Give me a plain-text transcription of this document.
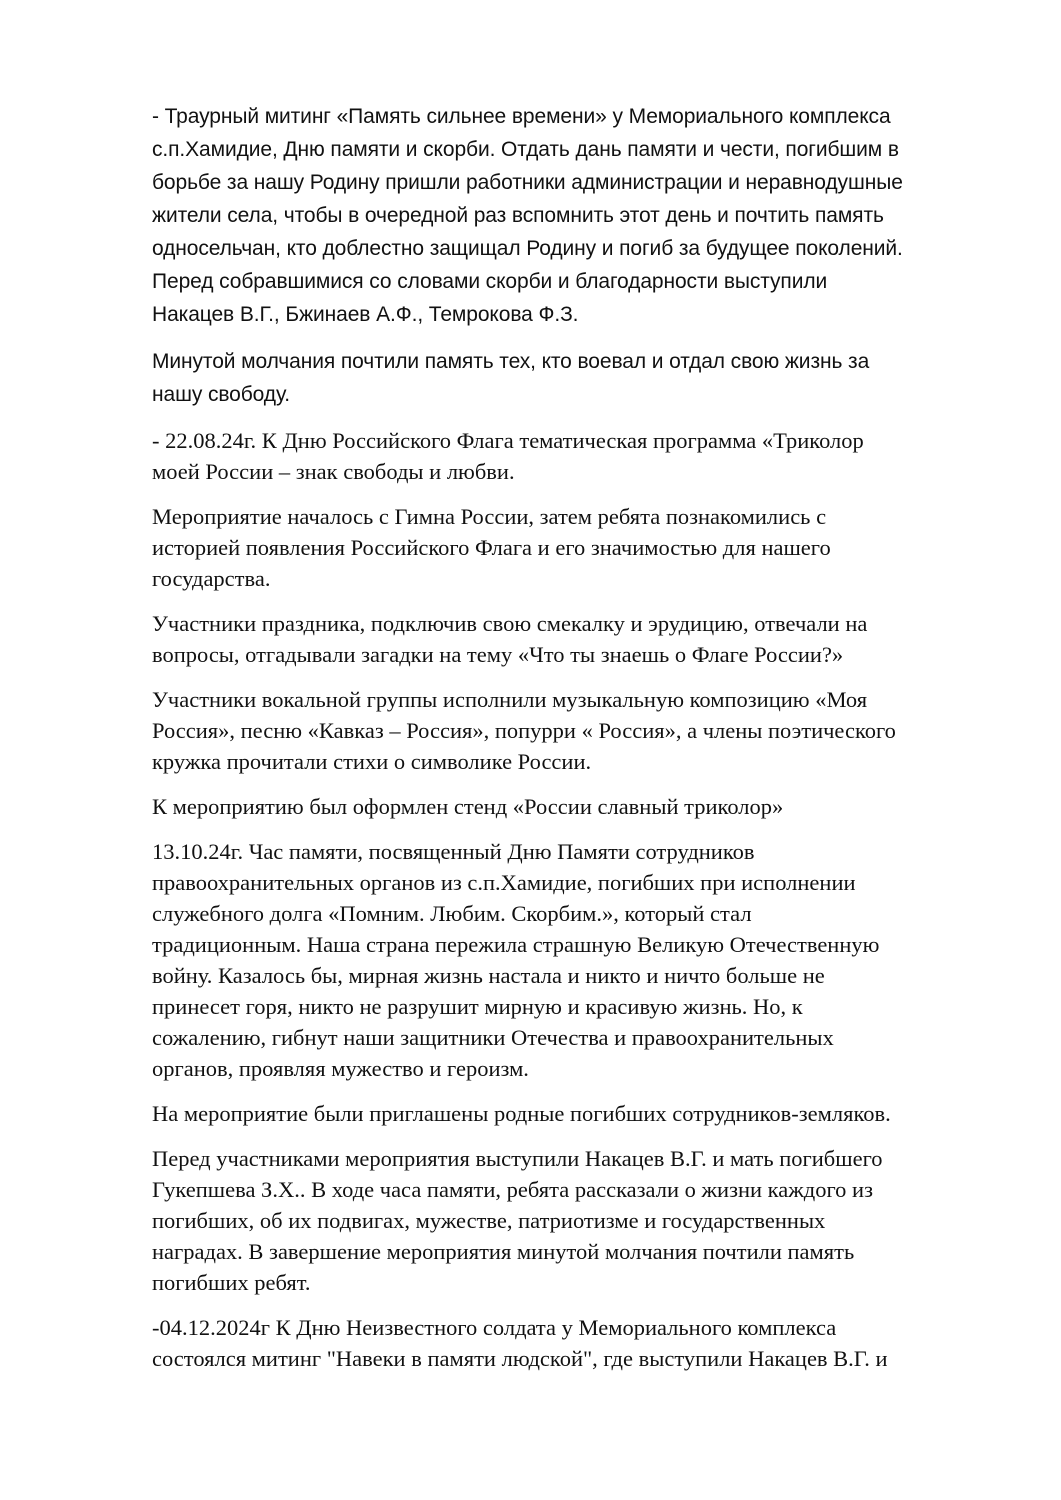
- Траурный митинг «Память сильнее времени» у Мемориального комплекса
с.п.Хамидие, Дню памяти и скорби. Отдать дань памяти и чести, погибшим в
борьбе за нашу Родину пришли работники администрации и неравнодушные
жители села, чтобы в очередной раз вспомнить этот день и почтить память
односельчан, кто доблестно защищал Родину и погиб за будущее поколений.
Перед собравшимися со словами скорби и благодарности выступили
Накацев В.Г., Бжинаев А.Ф., Темрокова Ф.З.

Минутой молчания почтили память тех, кто воевал и отдал свою жизнь за
нашу свободу.

- 22.08.24г. К Дню Российского Флага тематическая программа «Триколор
моей России – знак свободы и любви.

Мероприятие началось с Гимна России, затем ребята познакомились с
историей появления Российского Флага и его значимостью для нашего
государства.

Участники праздника, подключив свою смекалку и эрудицию, отвечали на
вопросы, отгадывали загадки на тему «Что ты знаешь о Флаге России?»

Участники вокальной группы исполнили музыкальную композицию «Моя
Россия», песню «Кавказ – Россия», попурри « Россия», а члены поэтического
кружка прочитали стихи о символике России.

К мероприятию был оформлен стенд «России славный триколор»

13.10.24г. Час памяти, посвященный Дню Памяти сотрудников
правоохранительных органов из с.п.Хамидие, погибших при исполнении
служебного долга «Помним. Любим. Скорбим.», который стал
традиционным. Наша страна пережила страшную Великую Отечественную
войну. Казалось бы, мирная жизнь настала и никто и ничто больше не
принесет горя, никто не разрушит мирную и красивую жизнь. Но, к
сожалению, гибнут наши защитники Отечества и правоохранительных
органов, проявляя мужество и героизм.

На мероприятие были приглашены родные погибших сотрудников-земляков.

Перед участниками мероприятия выступили Накацев В.Г. и мать погибшего
Гукепшева З.Х.. В ходе часа памяти, ребята рассказали о жизни каждого из
погибших, об их подвигах, мужестве, патриотизме и государственных
наградах. В завершение мероприятия минутой молчания почтили память
погибших ребят.

-04.12.2024г К Дню Неизвестного солдата у Мемориального комплекса
состоялся митинг "Навеки в памяти людской", где выступили Накацев В.Г. и
